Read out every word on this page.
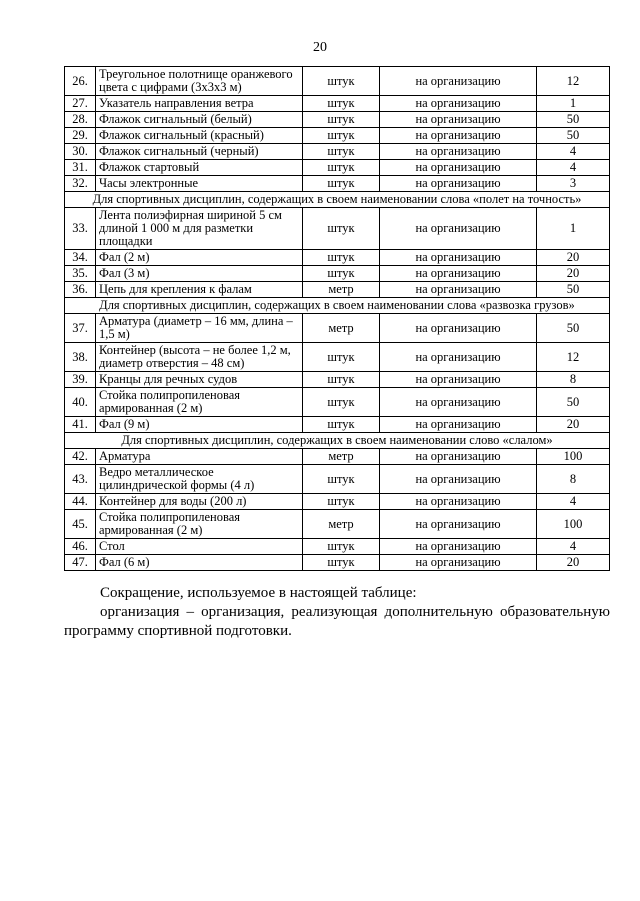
20
26.	Треугольное полотнище оранжевого цвета с цифрами (3х3х3 м)	штук	на организацию	12
27.	Указатель направления ветра	штук	на организацию	1
28.	Флажок сигнальный (белый)	штук	на организацию	50
29.	Флажок сигнальный (красный)	штук	на организацию	50
30.	Флажок сигнальный (черный)	штук	на организацию	4
31.	Флажок стартовый	штук	на организацию	4
32.	Часы электронные	штук	на организацию	3
Для спортивных дисциплин, содержащих в своем наименовании слова «полет на точность»				
33.	Лента полиэфирная шириной 5 см длиной 1 000 м для разметки площадки	штук	на организацию	1
34.	Фал (2 м)	штук	на организацию	20
35.	Фал (3 м)	штук	на организацию	20
36.	Цепь для крепления к фалам	метр	на организацию	50
Для спортивных дисциплин, содержащих в своем наименовании слова «развозка грузов»				
37.	Арматура (диаметр – 16 мм, длина – 1,5 м)	метр	на организацию	50
38.	Контейнер (высота – не более 1,2 м, диаметр отверстия – 48 см)	штук	на организацию	12
39.	Кранцы для речных судов	штук	на организацию	8
40.	Стойка полипропиленовая армированная (2 м)	штук	на организацию	50
41.	Фал (9 м)	штук	на организацию	20
Для спортивных дисциплин, содержащих в своем наименовании слово «слалом»				
42.	Арматура	метр	на организацию	100
43.	Ведро металлическое цилиндрической формы (4 л)	штук	на организацию	8
44.	Контейнер для воды (200 л)	штук	на организацию	4
45.	Стойка полипропиленовая армированная (2 м)	метр	на организацию	100
46.	Стол	штук	на организацию	4
47.	Фал (6 м)	штук	на организацию	20
Сокращение, используемое в настоящей таблице:
организация – организация, реализующая дополнительную образовательную программу спортивной подготовки.
